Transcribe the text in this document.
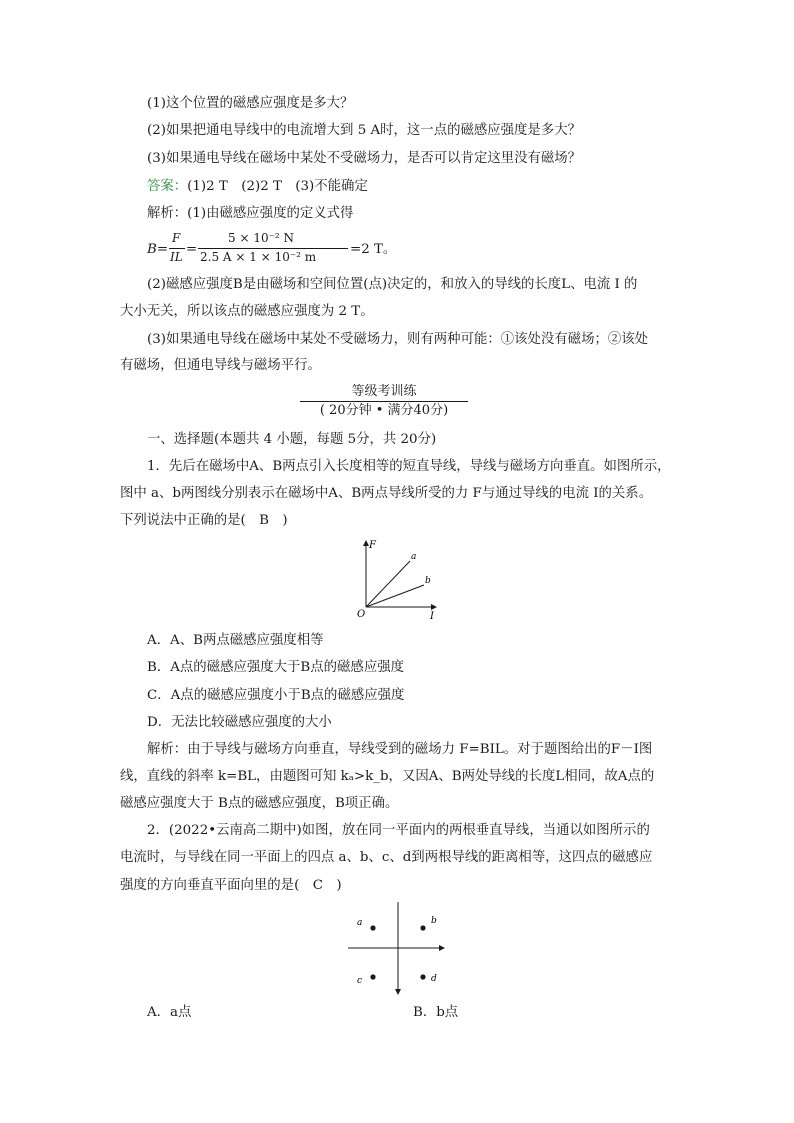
(1)这个位置的磁感应强度是多大？
(2)如果把通电导线中的电流增大到 5 A时，这一点的磁感应强度是多大？
(3)如果通电导线在磁场中某处不受磁场力，是否可以肯定这里没有磁场？
答案：(1)2 T　(2)2 T　(3)不能确定
解析：(1)由磁感应强度的定义式得
B=
F
IL =
5 × 10⁻² N
2.5 A × 1 × 10⁻² m	=2 T。
(2)磁感应强度B是由磁场和空间位置(点)决定的，和放入的导线的长度L、电流 I 的
大小无关，所以该点的磁感应强度为 2 T。
(3)如果通电导线在磁场中某处不受磁场力，则有两种可能：①该处没有磁场；②该处
有磁场，但通电导线与磁场平行。
等级考训练
( 20分钟 • 满分40分)
一、选择题(本题共 4 小题，每题 5分，共 20分)
1．先后在磁场中A、B两点引入长度相等的短直导线，导线与磁场方向垂直。如图所示，
图中 a、b两图线分别表示在磁场中A、B两点导线所受的力 F与通过导线的电流 I的关系。
下列说法中正确的是(　B　)
F
I
O
a
b
A．A、B两点磁感应强度相等
B．A点的磁感应强度大于B点的磁感应强度
C．A点的磁感应强度小于B点的磁感应强度
D．无法比较磁感应强度的大小
解析：由于导线与磁场方向垂直，导线受到的磁场力 F=BIL。对于题图给出的F－I图
线，直线的斜率 k=BL，由题图可知 kₐ>k_b，又因A、B两处导线的长度L相同，故A点的
磁感应强度大于 B点的磁感应强度，B项正确。
2．(2022•云南高二期中)如图，放在同一平面内的两根垂直导线，当通以如图所示的
电流时，与导线在同一平面上的四点 a、b、c、d到两根导线的距离相等，这四点的磁感应
强度的方向垂直平面向里的是(　C　)
a	b
c	d
A．a点	B．b点
